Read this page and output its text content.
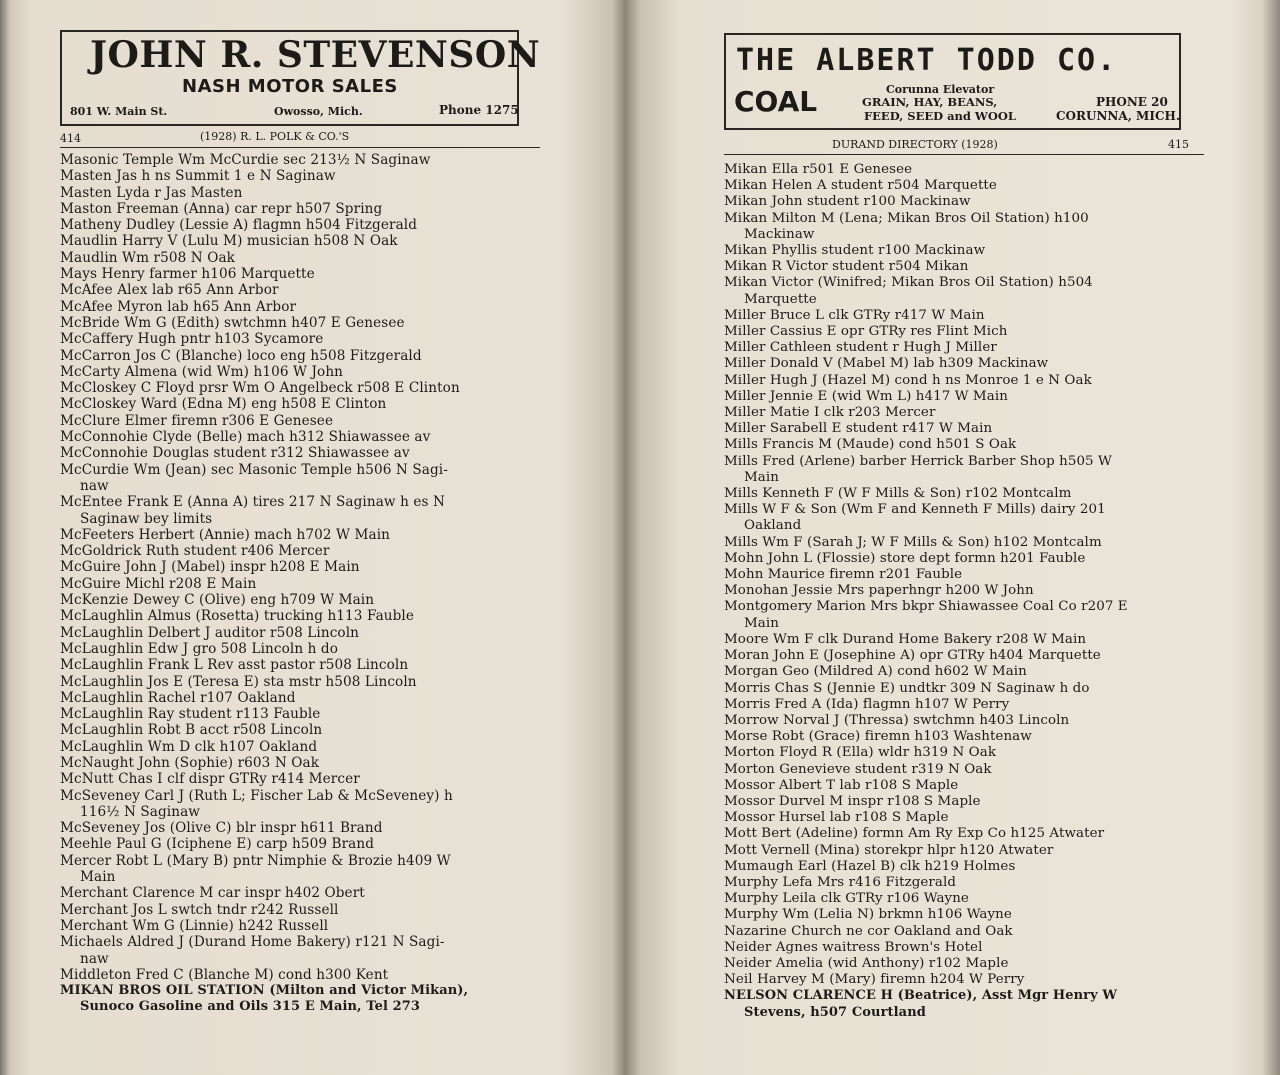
JOHN R. STEVENSON
NASH MOTOR SALES
801 W. Main St.	Owosso, Mich.	Phone 1275
414	(1928) R. L. POLK & CO.'S
Masonic Temple Wm McCurdie sec 213½ N Saginaw
Masten Jas h ns Summit 1 e N Saginaw
Masten Lyda r Jas Masten
Maston Freeman (Anna) car repr h507 Spring
Matheny Dudley (Lessie A) flagmn h504 Fitzgerald
Maudlin Harry V (Lulu M) musician h508 N Oak
Maudlin Wm r508 N Oak
Mays Henry farmer h106 Marquette
McAfee Alex lab r65 Ann Arbor
McAfee Myron lab h65 Ann Arbor
McBride Wm G (Edith) swtchmn h407 E Genesee
McCaffery Hugh pntr h103 Sycamore
McCarron Jos C (Blanche) loco eng h508 Fitzgerald
McCarty Almena (wid Wm) h106 W John
McCloskey C Floyd prsr Wm O Angelbeck r508 E Clinton
McCloskey Ward (Edna M) eng h508 E Clinton
McClure Elmer firemn r306 E Genesee
McConnohie Clyde (Belle) mach h312 Shiawassee av
McConnohie Douglas student r312 Shiawassee av
McCurdie Wm (Jean) sec Masonic Temple h506 N Sagi-
naw
McEntee Frank E (Anna A) tires 217 N Saginaw h es N
Saginaw bey limits
McFeeters Herbert (Annie) mach h702 W Main
McGoldrick Ruth student r406 Mercer
McGuire John J (Mabel) inspr h208 E Main
McGuire Michl r208 E Main
McKenzie Dewey C (Olive) eng h709 W Main
McLaughlin Almus (Rosetta) trucking h113 Fauble
McLaughlin Delbert J auditor r508 Lincoln
McLaughlin Edw J gro 508 Lincoln h do
McLaughlin Frank L Rev asst pastor r508 Lincoln
McLaughlin Jos E (Teresa E) sta mstr h508 Lincoln
McLaughlin Rachel r107 Oakland
McLaughlin Ray student r113 Fauble
McLaughlin Robt B acct r508 Lincoln
McLaughlin Wm D clk h107 Oakland
McNaught John (Sophie) r603 N Oak
McNutt Chas I clf dispr GTRy r414 Mercer
McSeveney Carl J (Ruth L; Fischer Lab & McSeveney) h
116½ N Saginaw
McSeveney Jos (Olive C) blr inspr h611 Brand
Meehle Paul G (Iciphene E) carp h509 Brand
Mercer Robt L (Mary B) pntr Nimphie & Brozie h409 W
Main
Merchant Clarence M car inspr h402 Obert
Merchant Jos L swtch tndr r242 Russell
Merchant Wm G (Linnie) h242 Russell
Michaels Aldred J (Durand Home Bakery) r121 N Sagi-
naw
Middleton Fred C (Blanche M) cond h300 Kent
MIKAN BROS OIL STATION (Milton and Victor Mikan),
Sunoco Gasoline and Oils 315 E Main, Tel 273
THE ALBERT TODD CO.
COAL	Corunna Elevator
GRAIN, HAY, BEANS,
FEED, SEED and WOOL
PHONE 20
CORUNNA, MICH.
DURAND DIRECTORY (1928)	415
Mikan Ella r501 E Genesee
Mikan Helen A student r504 Marquette
Mikan John student r100 Mackinaw
Mikan Milton M (Lena; Mikan Bros Oil Station) h100
Mackinaw
Mikan Phyllis student r100 Mackinaw
Mikan R Victor student r504 Mikan
Mikan Victor (Winifred; Mikan Bros Oil Station) h504
Marquette
Miller Bruce L clk GTRy r417 W Main
Miller Cassius E opr GTRy res Flint Mich
Miller Cathleen student r Hugh J Miller
Miller Donald V (Mabel M) lab h309 Mackinaw
Miller Hugh J (Hazel M) cond h ns Monroe 1 e N Oak
Miller Jennie E (wid Wm L) h417 W Main
Miller Matie I clk r203 Mercer
Miller Sarabell E student r417 W Main
Mills Francis M (Maude) cond h501 S Oak
Mills Fred (Arlene) barber Herrick Barber Shop h505 W
Main
Mills Kenneth F (W F Mills & Son) r102 Montcalm
Mills W F & Son (Wm F and Kenneth F Mills) dairy 201
Oakland
Mills Wm F (Sarah J; W F Mills & Son) h102 Montcalm
Mohn John L (Flossie) store dept formn h201 Fauble
Mohn Maurice firemn r201 Fauble
Monohan Jessie Mrs paperhngr h200 W John
Montgomery Marion Mrs bkpr Shiawassee Coal Co r207 E
Main
Moore Wm F clk Durand Home Bakery r208 W Main
Moran John E (Josephine A) opr GTRy h404 Marquette
Morgan Geo (Mildred A) cond h602 W Main
Morris Chas S (Jennie E) undtkr 309 N Saginaw h do
Morris Fred A (Ida) flagmn h107 W Perry
Morrow Norval J (Thressa) swtchmn h403 Lincoln
Morse Robt (Grace) firemn h103 Washtenaw
Morton Floyd R (Ella) wldr h319 N Oak
Morton Genevieve student r319 N Oak
Mossor Albert T lab r108 S Maple
Mossor Durvel M inspr r108 S Maple
Mossor Hursel lab r108 S Maple
Mott Bert (Adeline) formn Am Ry Exp Co h125 Atwater
Mott Vernell (Mina) storekpr hlpr h120 Atwater
Mumaugh Earl (Hazel B) clk h219 Holmes
Murphy Lefa Mrs r416 Fitzgerald
Murphy Leila clk GTRy r106 Wayne
Murphy Wm (Lelia N) brkmn h106 Wayne
Nazarine Church ne cor Oakland and Oak
Neider Agnes waitress Brown's Hotel
Neider Amelia (wid Anthony) r102 Maple
Neil Harvey M (Mary) firemn h204 W Perry
NELSON CLARENCE H (Beatrice), Asst Mgr Henry W
Stevens, h507 Courtland
